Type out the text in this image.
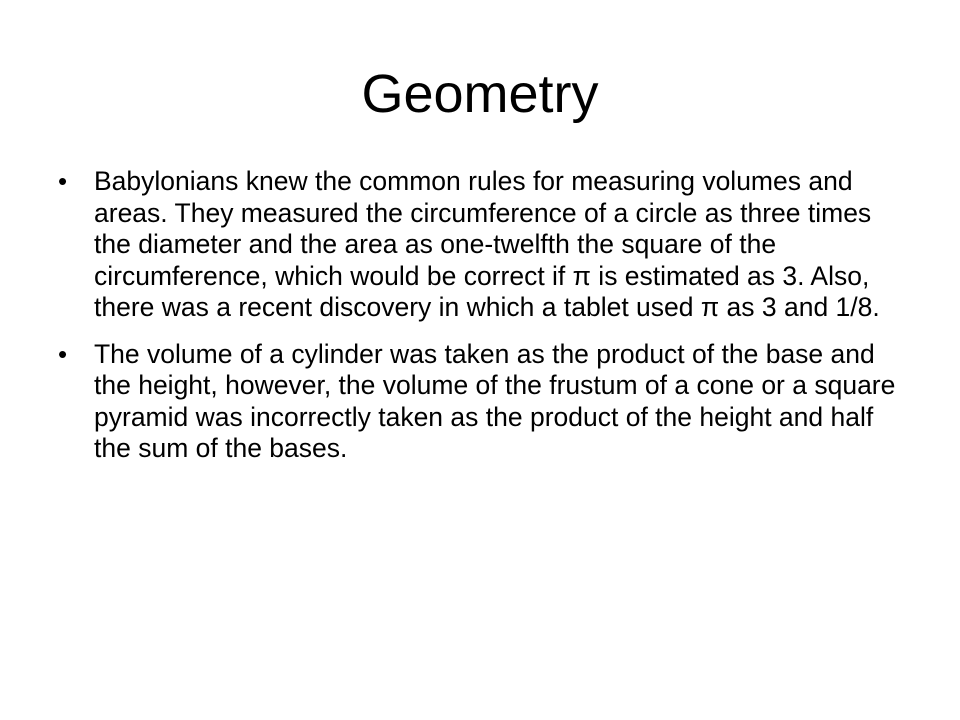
Geometry
•	Babylonians knew the common rules for measuring volumes and areas. They measured the circumference of a circle as three times the diameter and the area as one-twelfth the square of the circumference, which would be correct if π is estimated as 3. Also, there was a recent discovery in which a tablet used π as 3 and 1/8.
•	The volume of a cylinder was taken as the product of the base and the height, however, the volume of the frustum of a cone or a square pyramid was incorrectly taken as the product of the height and half the sum of the bases.
